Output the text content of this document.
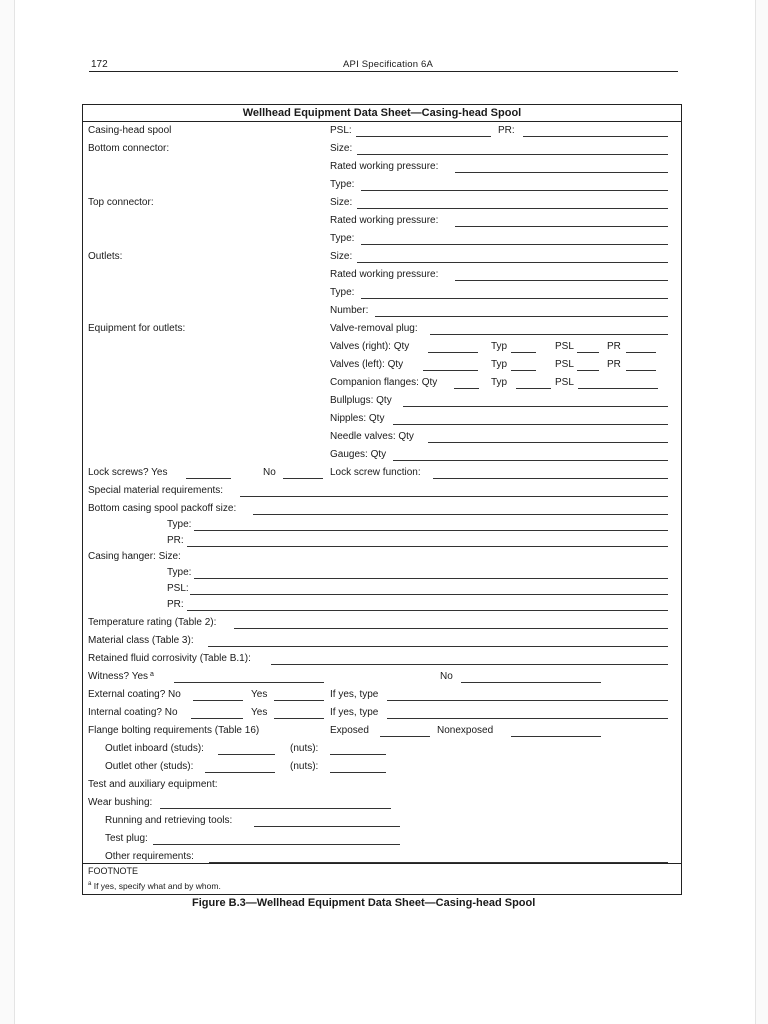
172	API Specification 6A
Wellhead Equipment Data Sheet—Casing-head Spool
Casing-head spool	PSL:	PR:
Bottom connector:	Size:
Rated working pressure:
Type:
Top connector:	Size:
Rated working pressure:
Type:
Outlets:	Size:
Rated working pressure:
Type:
Number:
Equipment for outlets:	Valve-removal plug:
Valves (right): Qty	Typ	PSL	PR
Valves (left): Qty	Typ	PSL	PR
Companion flanges: Qty	Typ	PSL
Bullplugs: Qty
Nipples: Qty
Needle valves: Qty
Gauges: Qty
Lock screws? Yes	No	Lock screw function:
Special material requirements:
Bottom casing spool packoff size:
Type:
PR:
Casing hanger: Size:
Type:
PSL:
PR:
Temperature rating (Table 2):
Material class (Table 3):
Retained fluid corrosivity (Table B.1):
Witness? Yes a	No
External coating? No	Yes	If yes, type
Internal coating? No	Yes	If yes, type
Flange bolting requirements (Table 16)	Exposed	Nonexposed
Outlet inboard (studs):	(nuts):
Outlet other (studs):	(nuts):
Test and auxiliary equipment:
Wear bushing:
Running and retrieving tools:
Test plug:
Other requirements:
FOOTNOTE
$^a$ If yes, specify what and by whom.
Figure B.3—Wellhead Equipment Data Sheet—Casing-head Spool
